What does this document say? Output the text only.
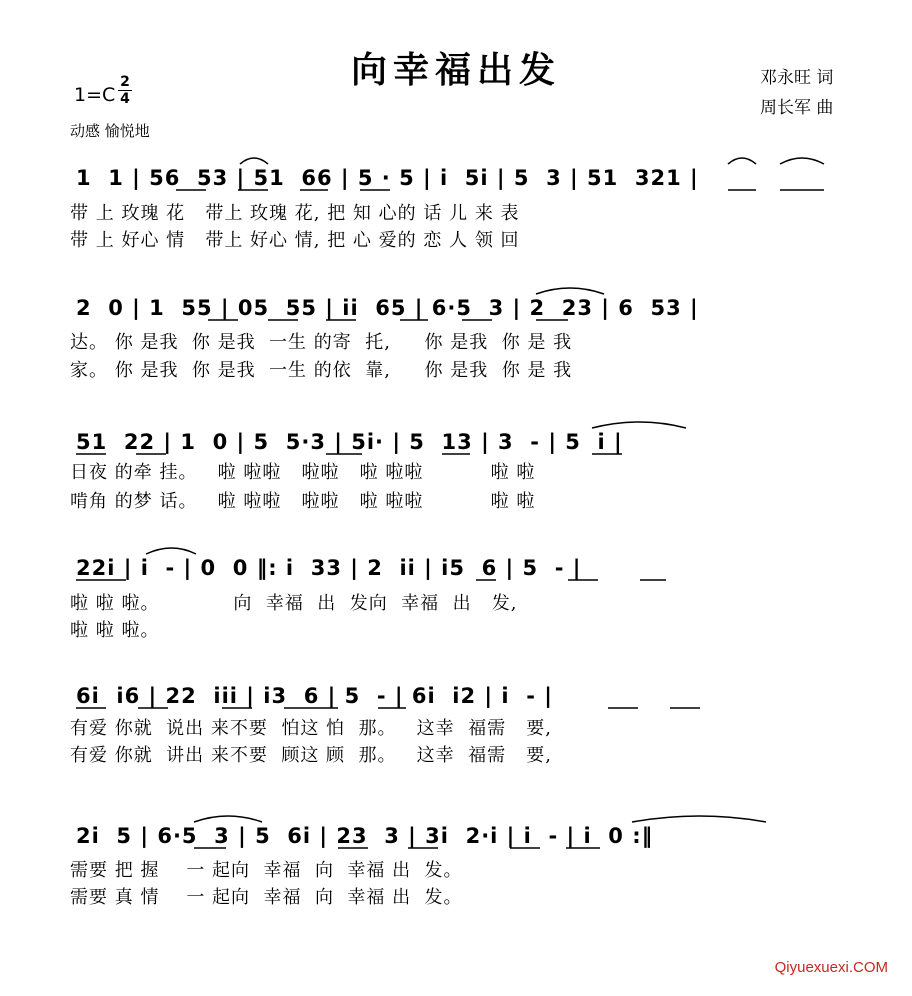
向幸福出发
1=C
2
4
动感 愉悦地
邓永旺 词
周长军 曲
1  1 | 56  53 | 51  66 | 5 · 5 | i  5i | 5  3 | 51  321 |
带 上 玫瑰 花   带上 玫瑰 花, 把 知 心的 话 儿 来 表
带 上 好心 情   带上 好心 情, 把 心 爱的 恋 人 领 回
2  0 | 1  55 | 05  55 | ii  65 | 6·5  3 | 2  23 | 6  53 |
达。 你 是我  你 是我  一生 的寄  托,     你 是我  你 是 我
家。 你 是我  你 是我  一生 的依  靠,     你 是我  你 是 我
51  22 | 1  0 | 5  5·3 | 5i· | 5  13 | 3  - | 5  i |
日夜 的牵 挂。   啦 啦啦   啦啦   啦 啦啦          啦 啦
啃角 的梦 话。   啦 啦啦   啦啦   啦 啦啦          啦 啦
22i | i  - | 0  0 ‖: i  33 | 2  ii | i5  6 | 5  - |
啦 啦 啦。           向  幸福  出  发向  幸福  出   发,
啦 啦 啦。
6i  i6 | 22  iii | i3  6 | 5  - | 6i  i2 | i  - |
有爱 你就  说出 来不要  怕这 怕  那。   这幸  福需   要,
有爱 你就  讲出 来不要  顾这 顾  那。   这幸  福需   要,
2i  5 | 6·5  3 | 5  6i | 23  3 | 3i  2·i | i  - | i  0 :‖
需要 把 握    一 起向  幸福  向  幸福 出  发。
需要 真 情    一 起向  幸福  向  幸福 出  发。
Qiyuexuexi.COM
